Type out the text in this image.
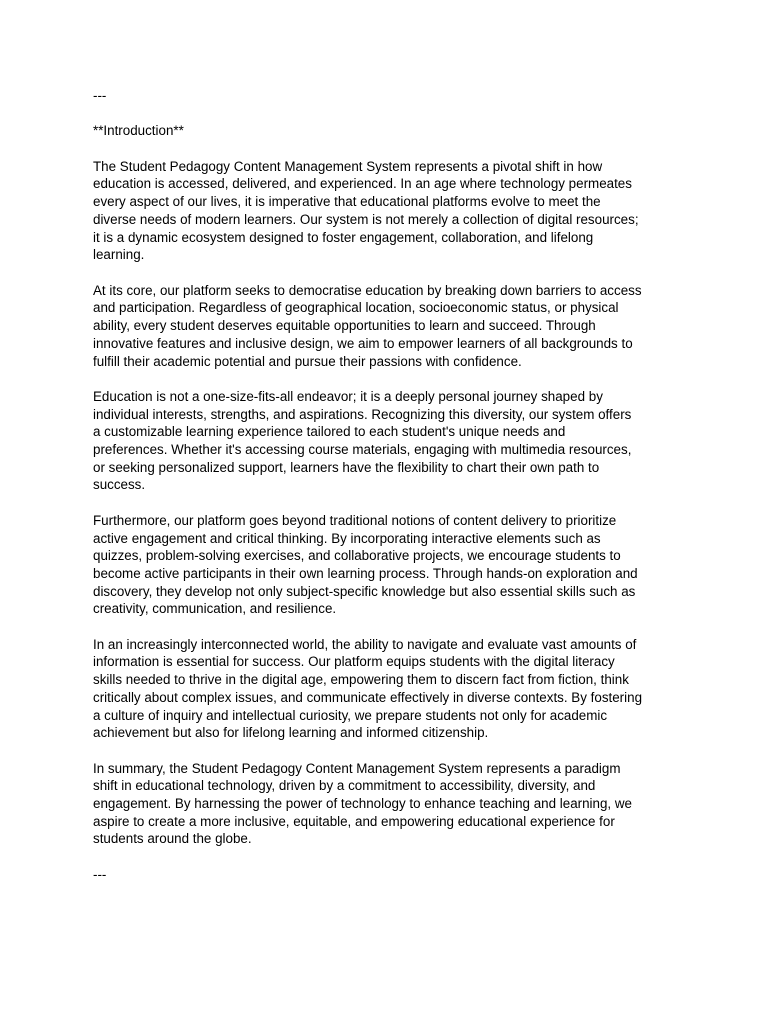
---

**Introduction**

The Student Pedagogy Content Management System represents a pivotal shift in how
education is accessed, delivered, and experienced. In an age where technology permeates
every aspect of our lives, it is imperative that educational platforms evolve to meet the
diverse needs of modern learners. Our system is not merely a collection of digital resources;
it is a dynamic ecosystem designed to foster engagement, collaboration, and lifelong
learning.

At its core, our platform seeks to democratise education by breaking down barriers to access
and participation. Regardless of geographical location, socioeconomic status, or physical
ability, every student deserves equitable opportunities to learn and succeed. Through
innovative features and inclusive design, we aim to empower learners of all backgrounds to
fulfill their academic potential and pursue their passions with confidence.

Education is not a one-size-fits-all endeavor; it is a deeply personal journey shaped by
individual interests, strengths, and aspirations. Recognizing this diversity, our system offers
a customizable learning experience tailored to each student's unique needs and
preferences. Whether it's accessing course materials, engaging with multimedia resources,
or seeking personalized support, learners have the flexibility to chart their own path to
success.

Furthermore, our platform goes beyond traditional notions of content delivery to prioritize
active engagement and critical thinking. By incorporating interactive elements such as
quizzes, problem-solving exercises, and collaborative projects, we encourage students to
become active participants in their own learning process. Through hands-on exploration and
discovery, they develop not only subject-specific knowledge but also essential skills such as
creativity, communication, and resilience.

In an increasingly interconnected world, the ability to navigate and evaluate vast amounts of
information is essential for success. Our platform equips students with the digital literacy
skills needed to thrive in the digital age, empowering them to discern fact from fiction, think
critically about complex issues, and communicate effectively in diverse contexts. By fostering
a culture of inquiry and intellectual curiosity, we prepare students not only for academic
achievement but also for lifelong learning and informed citizenship.

In summary, the Student Pedagogy Content Management System represents a paradigm
shift in educational technology, driven by a commitment to accessibility, diversity, and
engagement. By harnessing the power of technology to enhance teaching and learning, we
aspire to create a more inclusive, equitable, and empowering educational experience for
students around the globe.

---
